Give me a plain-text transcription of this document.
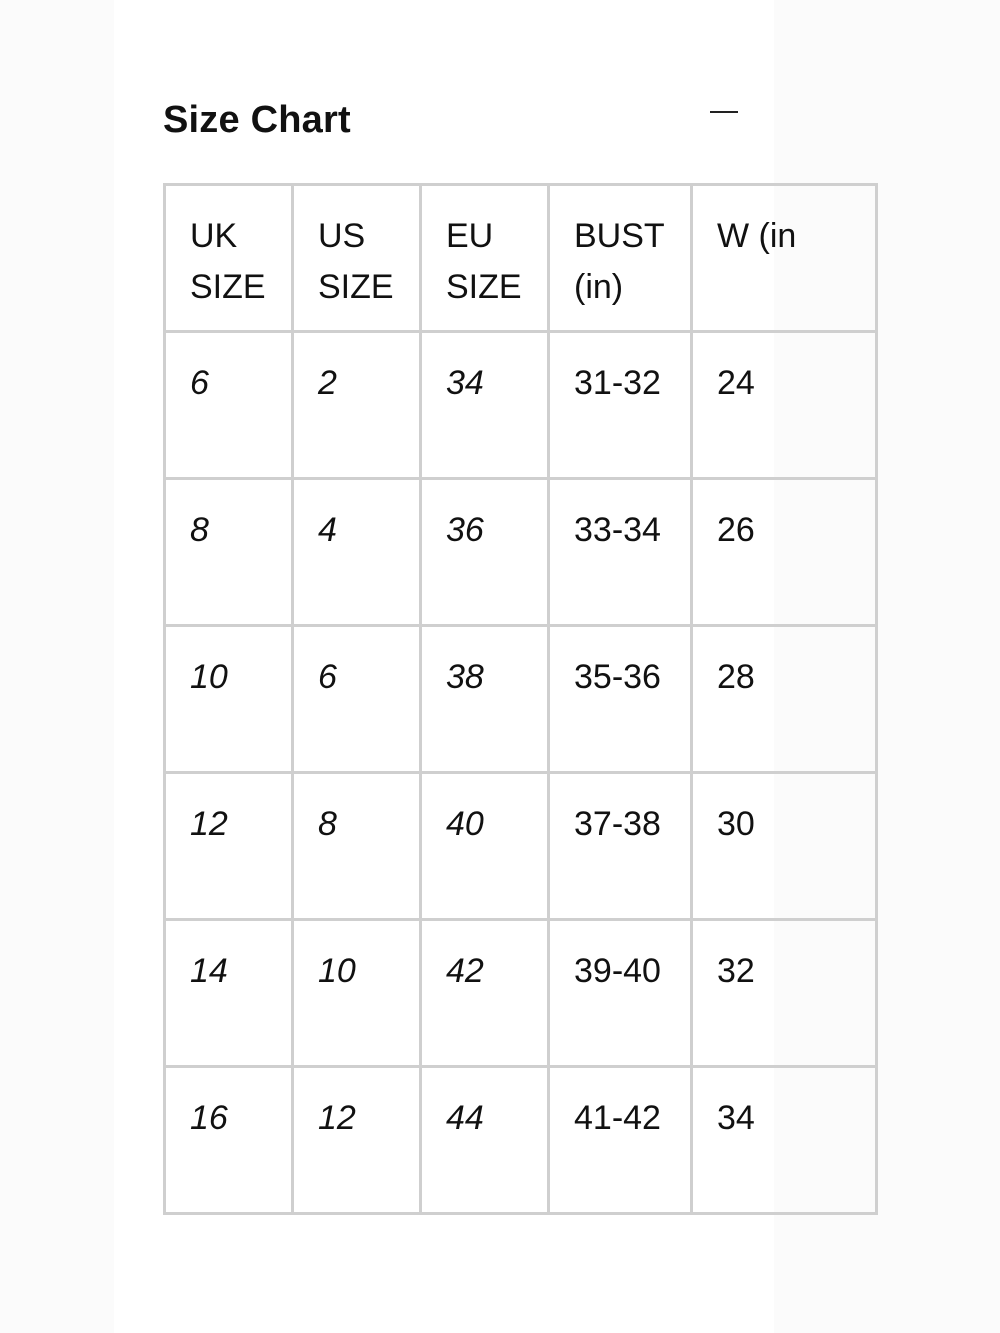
Size Chart
UK SIZE	US SIZE	EU SIZE	BUST (in)	W (in
6	2	34	31-32	24
8	4	36	33-34	26
10	6	38	35-36	28
12	8	40	37-38	30
14	10	42	39-40	32
16	12	44	41-42	34
